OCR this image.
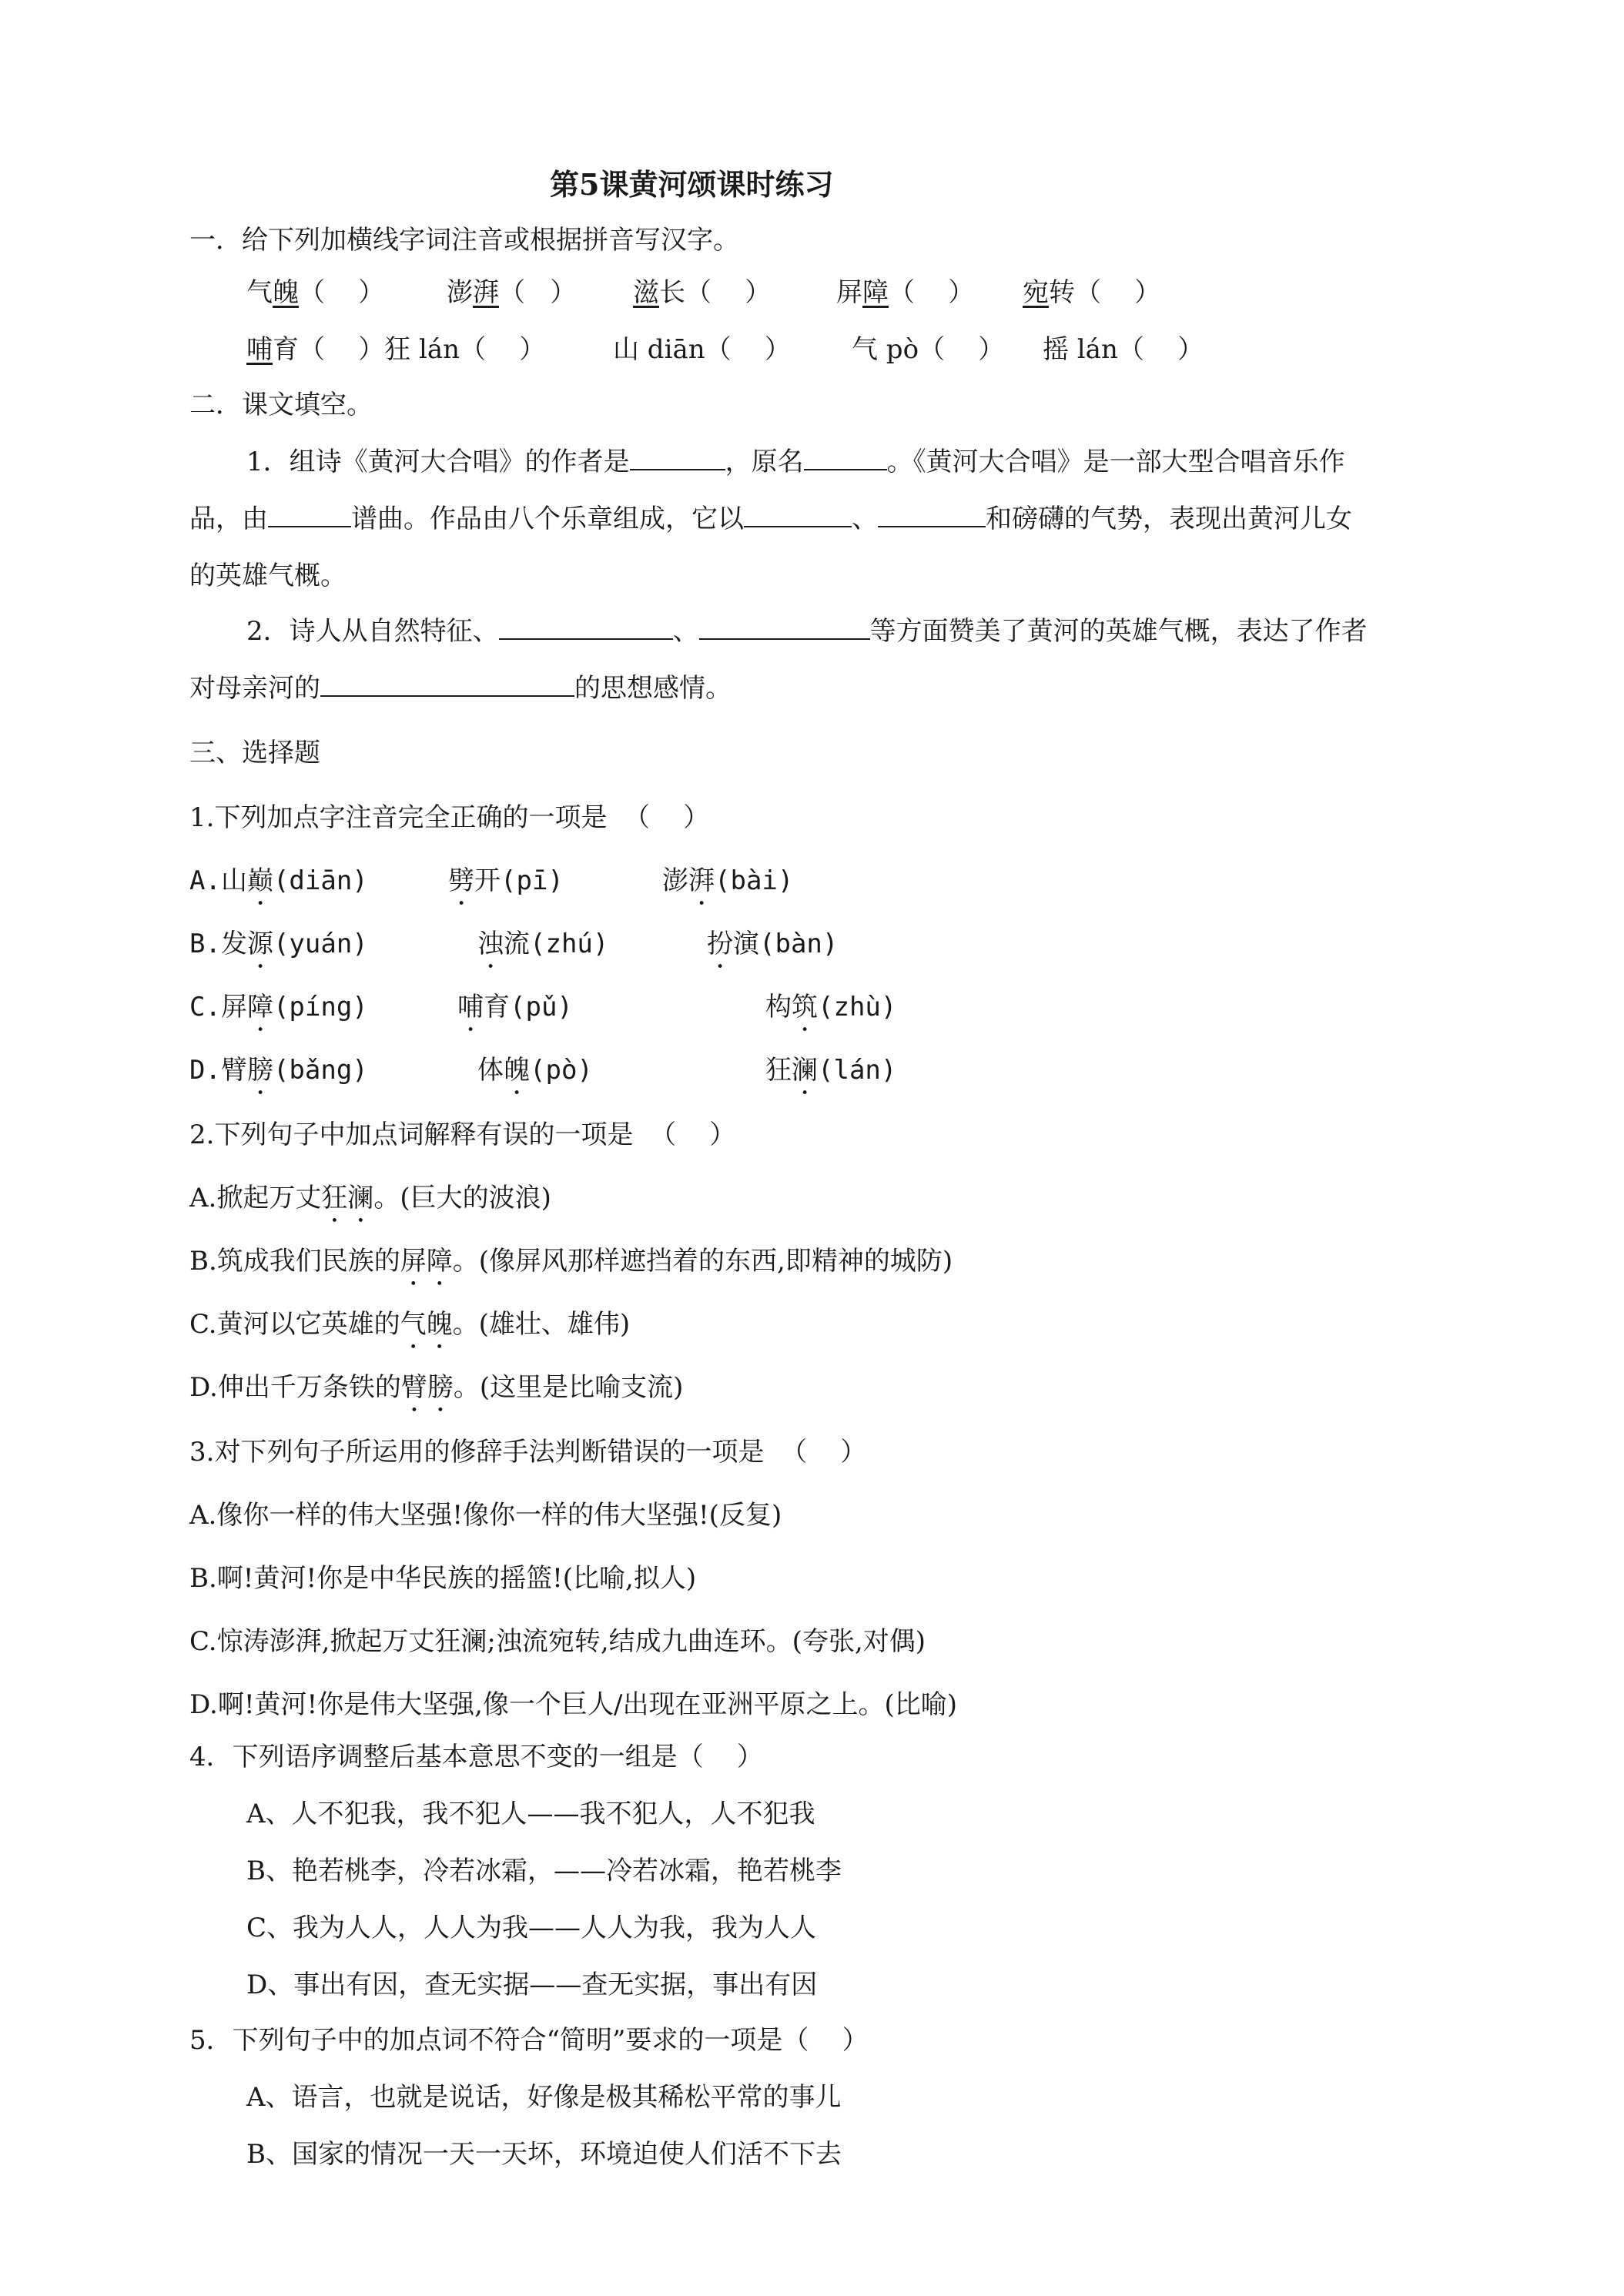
第5课黄河颂课时练习
一．给下列加横线字词注音或根据拼音写汉字。
气魄（    ） 澎湃（   ） 滋长（    ） 屏障（    ） 宛转（    ）
哺育（    ）狂 lán（    ）	山 diān（    ） 气 pò（    ） 摇 lán（    ）
二．课文填空。
1．组诗《黄河大合唱》的作者是	，原名	。《黄河大合唱》是一部大型合唱音乐作
品，由	谱曲。作品由八个乐章组成，它以	、	和磅礴的气势，表现出黄河儿女
的英雄气概。
2．诗人从自然特征、	、	等方面赞美了黄河的英雄气概，表达了作者
对母亲河的	的思想感情。
三、选择题
1.下列加点字注音完全正确的一项是  （    ）
A.山巅(diān)	劈开(pī)	澎湃(bài)
B.发源(yuán)	浊流(zhú)	扮演(bàn)
C.屏障(píng)	哺育(pǔ)	构筑(zhù)
D.臂膀(bǎng)	体魄(pò)	狂澜(lán)
2.下列句子中加点词解释有误的一项是  （    ）
A.掀起万丈狂澜。(巨大的波浪)
B.筑成我们民族的屏障。(像屏风那样遮挡着的东西,即精神的城防)
C.黄河以它英雄的气魄。(雄壮、雄伟)
D.伸出千万条铁的臂膀。(这里是比喻支流)
3.对下列句子所运用的修辞手法判断错误的一项是  （    ）
A.像你一样的伟大坚强!像你一样的伟大坚强!(反复)
B.啊!黄河!你是中华民族的摇篮!(比喻,拟人)
C.惊涛澎湃,掀起万丈狂澜;浊流宛转,结成九曲连环。(夸张,对偶)
D.啊!黄河!你是伟大坚强,像一个巨人/出现在亚洲平原之上。(比喻)
4．下列语序调整后基本意思不变的一组是（    ）
A、人不犯我，我不犯人——我不犯人，人不犯我
B、艳若桃李，冷若冰霜，——冷若冰霜，艳若桃李
C、我为人人，人人为我——人人为我，我为人人
D、事出有因，查无实据——查无实据，事出有因
5．下列句子中的加点词不符合“简明”要求的一项是（    ）
A、语言，也就是说话，好像是极其稀松平常的事儿
B、国家的情况一天一天坏，环境迫使人们活不下去
